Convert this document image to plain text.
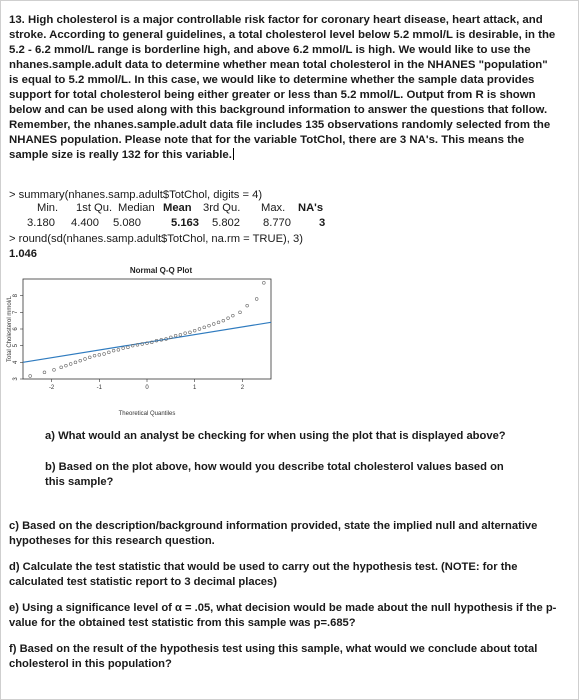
13. High cholesterol is a major controllable risk factor for coronary heart disease, heart attack, and stroke. According to general guidelines, a total cholesterol level below 5.2 mmol/L is desirable, in the 5.2 - 6.2 mmol/L range is borderline high, and above 6.2 mmol/L is high. We would like to use the nhanes.sample.adult data to determine whether mean total cholesterol in the NHANES "population" is equal to 5.2 mmol/L. In this case, we would like to determine whether the sample data provides support for total cholesterol being either greater or less than 5.2 mmol/L. Output from R is shown below and can be used along with this background information to answer the questions that follow. Remember, the nhanes.sample.adult data file includes 135 observations randomly selected from the NHANES population. Please note that for the variable TotChol, there are 3 NA's. This means the sample size is really 132 for this variable.
> summary(nhanes.samp.adult$TotChol, digits = 4)
Min. 1st Qu. Median Mean 3rd Qu. Max. NA's
3.180 4.400 5.080	5.163 5.802 8.770	3
> round(sd(nhanes.samp.adult$TotChol, na.rm = TRUE), 3)
1.046
Normal Q-Q Plot
Total Cholesterol mmol/L
Theoretical Quantiles
-2	-1	0	1	2
3
4
5
6
7
8
a) What would an analyst be checking for when using the plot that is displayed above?
b) Based on the plot above, how would you describe total cholesterol values based on this sample?
c) Based on the description/background information provided, state the implied null and alternative hypotheses for this research question.
d) Calculate the test statistic that would be used to carry out the hypothesis test. (NOTE: for the calculated test statistic report to 3 decimal places)
e) Using a significance level of α = .05, what decision would be made about the null hypothesis if the p-value for the obtained test statistic from this sample was p=.685?
f) Based on the result of the hypothesis test using this sample, what would we conclude about total cholesterol in this population?
